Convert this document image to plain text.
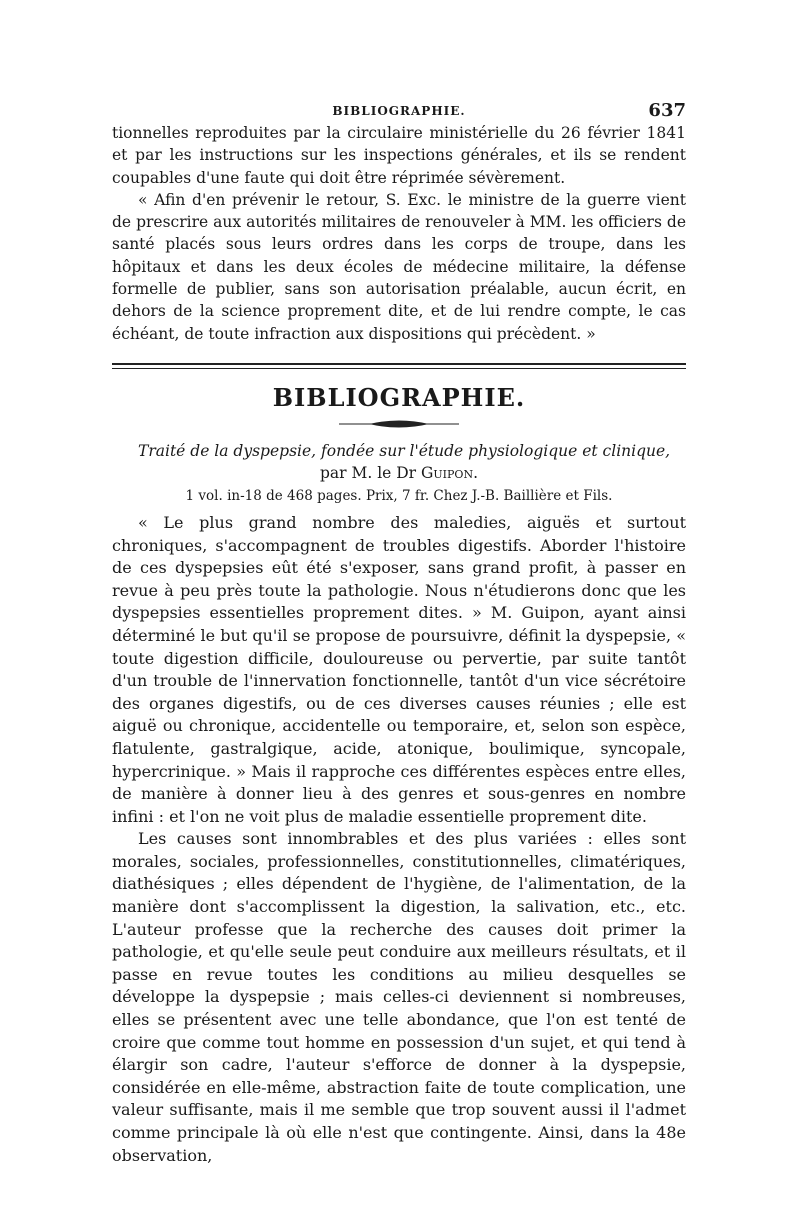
BIBLIOGRAPHIE.	637

tionnelles reproduites par la circulaire ministérielle du 26 février 1841 et par les instructions sur les inspections générales, et ils se rendent coupables d'une faute qui doit être réprimée sévèrement.

« Afin d'en prévenir le retour, S. Exc. le ministre de la guerre vient de prescrire aux autorités militaires de renouveler à MM. les officiers de santé placés sous leurs ordres dans les corps de troupe, dans les hôpitaux et dans les deux écoles de médecine militaire, la défense formelle de publier, sans son autorisation préalable, aucun écrit, en dehors de la science proprement dite, et de lui rendre compte, le cas échéant, de toute infraction aux dispositions qui précèdent. »

BIBLIOGRAPHIE.

Traité de la dyspepsie, fondée sur l'étude physiologique et clinique,

par M. le Dr Guipon.

1 vol. in-18 de 468 pages. Prix, 7 fr. Chez J.-B. Baillière et Fils.

« Le plus grand nombre des maledies, aiguës et surtout chroniques, s'accompagnent de troubles digestifs. Aborder l'histoire de ces dyspepsies eût été s'exposer, sans grand profit, à passer en revue à peu près toute la pathologie. Nous n'étudierons donc que les dyspepsies essentielles proprement dites. » M. Guipon, ayant ainsi déterminé le but qu'il se propose de poursuivre, définit la dyspepsie, « toute digestion difficile, douloureuse ou pervertie, par suite tantôt d'un trouble de l'innervation fonctionnelle, tantôt d'un vice sécrétoire des organes digestifs, ou de ces diverses causes réunies ; elle est aiguë ou chronique, accidentelle ou temporaire, et, selon son espèce, flatulente, gastralgique, acide, atonique, boulimique, syncopale, hypercrinique. » Mais il rapproche ces différentes espèces entre elles, de manière à donner lieu à des genres et sous-genres en nombre infini : et l'on ne voit plus de maladie essentielle proprement dite.

Les causes sont innombrables et des plus variées : elles sont morales, sociales, professionnelles, constitutionnelles, climatériques, diathésiques ; elles dépendent de l'hygiène, de l'alimentation, de la manière dont s'accomplissent la digestion, la salivation, etc., etc. L'auteur professe que la recherche des causes doit primer la pathologie, et qu'elle seule peut conduire aux meilleurs résultats, et il passe en revue toutes les conditions au milieu desquelles se développe la dyspepsie ; mais celles-ci deviennent si nombreuses, elles se présentent avec une telle abondance, que l'on est tenté de croire que comme tout homme en possession d'un sujet, et qui tend à élargir son cadre, l'auteur s'efforce de donner à la dyspepsie, considérée en elle-même, abstraction faite de toute complication, une valeur suffisante, mais il me semble que trop souvent aussi il l'admet comme principale là où elle n'est que contingente. Ainsi, dans la 48e observation,
